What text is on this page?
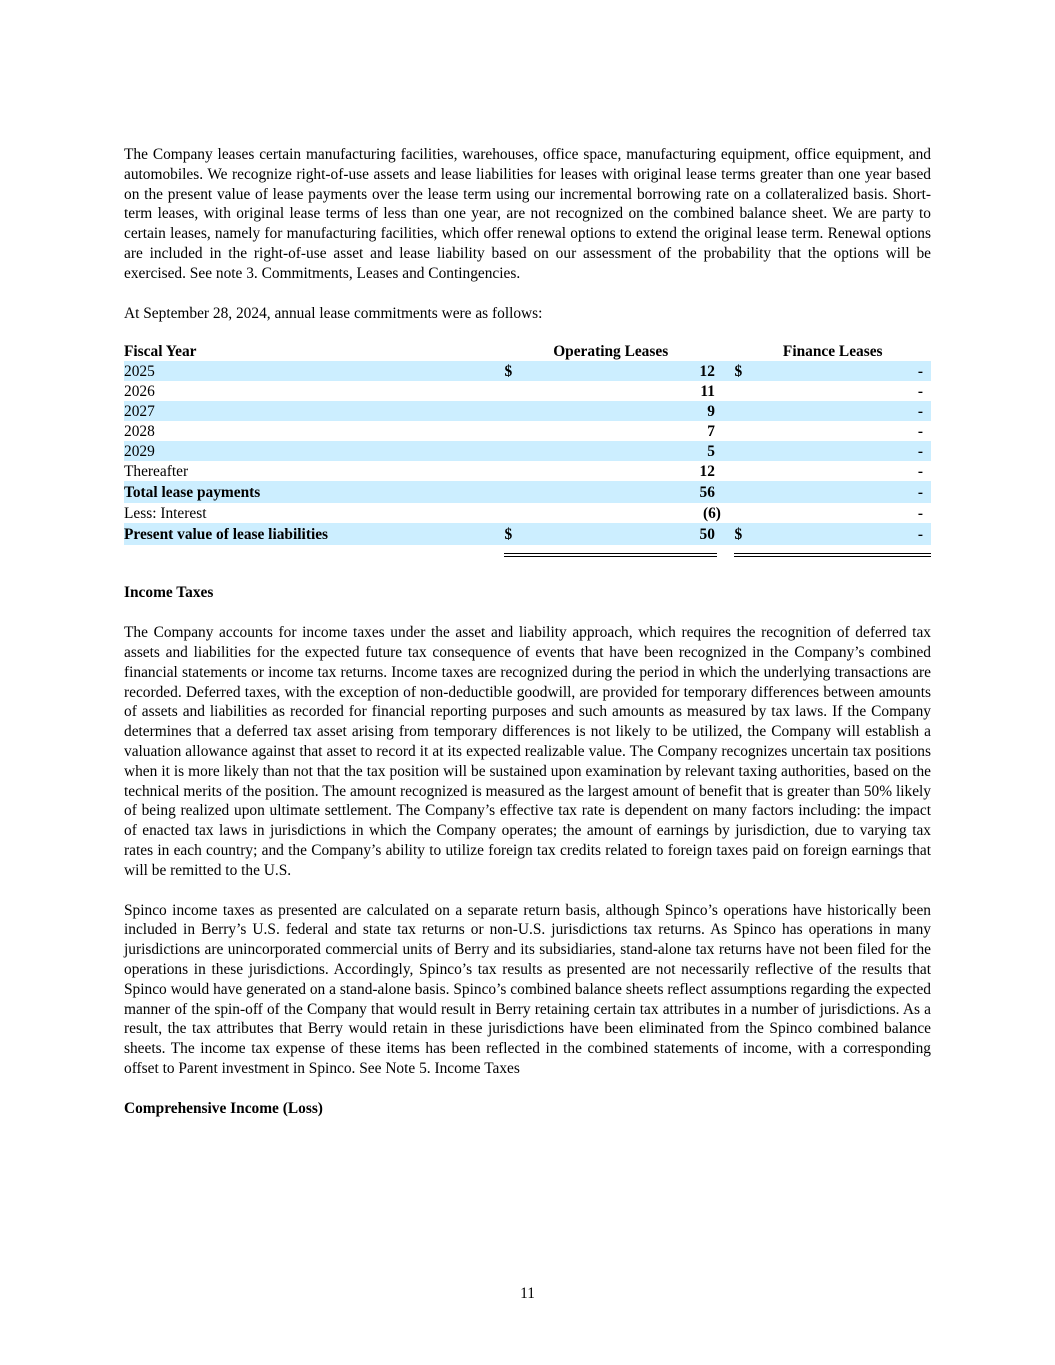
The Company leases certain manufacturing facilities, warehouses, office space, manufacturing equipment, office equipment, and automobiles. We recognize right-of-use assets and lease liabilities for leases with original lease terms greater than one year based on the present value of lease payments over the lease term using our incremental borrowing rate on a collateralized basis. Short-term leases, with original lease terms of less than one year, are not recognized on the combined balance sheet. We are party to certain leases, namely for manufacturing facilities, which offer renewal options to extend the original lease term. Renewal options are included in the right-of-use asset and lease liability based on our assessment of the probability that the options will be exercised. See note 3. Commitments, Leases and Contingencies.

At September 28, 2024, annual lease commitments were as follows:

Fiscal Year	Operating Leases			Finance Leases	
2025	$	12		$	-
2026		11			-
2027		9			-
2028		7			-
2029		5			-
Thereafter		12			-
Total lease payments		56			-
Less: Interest		(6)			-
Present value of lease liabilities	$	50		$	-

Income Taxes

The Company accounts for income taxes under the asset and liability approach, which requires the recognition of deferred tax assets and liabilities for the expected future tax consequence of events that have been recognized in the Company’s combined financial statements or income tax returns. Income taxes are recognized during the period in which the underlying transactions are recorded. Deferred taxes, with the exception of non-deductible goodwill, are provided for temporary differences between amounts of assets and liabilities as recorded for financial reporting purposes and such amounts as measured by tax laws. If the Company determines that a deferred tax asset arising from temporary differences is not likely to be utilized, the Company will establish a valuation allowance against that asset to record it at its expected realizable value. The Company recognizes uncertain tax positions when it is more likely than not that the tax position will be sustained upon examination by relevant taxing authorities, based on the technical merits of the position. The amount recognized is measured as the largest amount of benefit that is greater than 50% likely of being realized upon ultimate settlement. The Company’s effective tax rate is dependent on many factors including: the impact of enacted tax laws in jurisdictions in which the Company operates; the amount of earnings by jurisdiction, due to varying tax rates in each country; and the Company’s ability to utilize foreign tax credits related to foreign taxes paid on foreign earnings that will be remitted to the U.S.

Spinco income taxes as presented are calculated on a separate return basis, although Spinco’s operations have historically been included in Berry’s U.S. federal and state tax returns or non-U.S. jurisdictions tax returns. As Spinco has operations in many jurisdictions are unincorporated commercial units of Berry and its subsidiaries, stand-alone tax returns have not been filed for the operations in these jurisdictions. Accordingly, Spinco’s tax results as presented are not necessarily reflective of the results that Spinco would have generated on a stand-alone basis. Spinco’s combined balance sheets reflect assumptions regarding the expected manner of the spin-off of the Company that would result in Berry retaining certain tax attributes in a number of jurisdictions. As a result, the tax attributes that Berry would retain in these jurisdictions have been eliminated from the Spinco combined balance sheets. The income tax expense of these items has been reflected in the combined statements of income, with a corresponding offset to Parent investment in Spinco. See Note 5. Income Taxes

Comprehensive Income (Loss)

11
